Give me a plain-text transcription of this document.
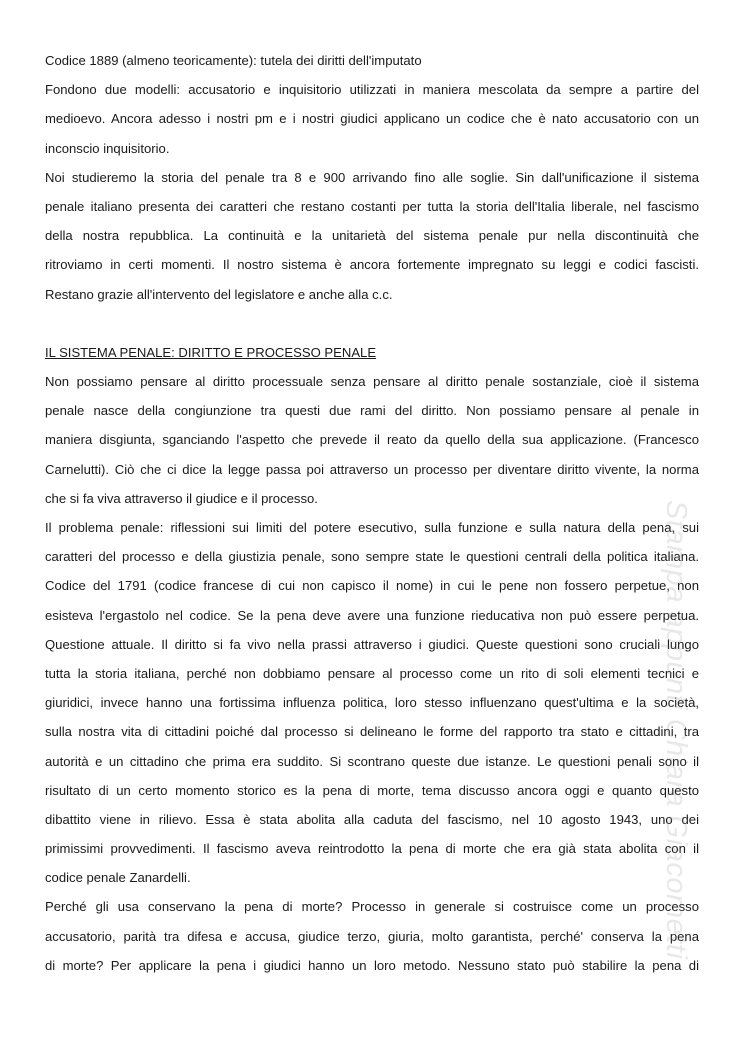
Codice 1889 (almeno teoricamente): tutela dei diritti dell'imputato
Fondono due modelli: accusatorio e inquisitorio utilizzati in maniera mescolata da sempre a partire del
medioevo. Ancora adesso i nostri pm e i nostri giudici applicano un codice che è nato accusatorio con un
inconscio inquisitorio.
Noi studieremo la storia del penale tra 8 e 900 arrivando fino alle soglie. Sin dall'unificazione il sistema
penale italiano presenta dei caratteri che restano costanti per tutta la storia dell'Italia liberale, nel fascismo
della nostra repubblica. La continuità e la unitarietà del sistema penale pur nella discontinuità che
ritroviamo in certi momenti. Il nostro sistema è ancora fortemente impregnato su leggi e codici fascisti.
Restano grazie all'intervento del legislatore e anche alla c.c.
IL SISTEMA PENALE: DIRITTO E PROCESSO PENALE
Non possiamo pensare al diritto processuale senza pensare al diritto penale sostanziale, cioè il sistema
penale nasce della congiunzione tra questi due rami del diritto. Non possiamo pensare al penale in
maniera disgiunta, sganciando l'aspetto che prevede il reato da quello della sua applicazione. (Francesco
Carnelutti). Ciò che ci dice la legge passa poi attraverso un processo per diventare diritto vivente, la norma
che si fa viva attraverso il giudice e il processo.
Il problema penale: riflessioni sui limiti del potere esecutivo, sulla funzione e sulla natura della pena, sui
caratteri del processo e della giustizia penale, sono sempre state le questioni centrali della politica italiana.
Codice del 1791 (codice francese di cui non capisco il nome) in cui le pene non fossero perpetue, non
esisteva l'ergastolo nel codice. Se la pena deve avere una funzione rieducativa non può essere perpetua.
Questione attuale. Il diritto si fa vivo nella prassi attraverso i giudici. Queste questioni sono cruciali lungo
tutta la storia italiana, perché non dobbiamo pensare al processo come un rito di soli elementi tecnici e
giuridici, invece hanno una fortissima influenza politica, loro stesso influenzano quest'ultima e la società,
sulla nostra vita di cittadini poiché dal processo si delineano le forme del rapporto tra stato e cittadini, tra
autorità e un cittadino che prima era suddito. Si scontrano queste due istanze. Le questioni penali sono il
risultato di un certo momento storico es la pena di morte, tema discusso ancora oggi e quanto questo
dibattito viene in rilievo. Essa è stata abolita alla caduta del fascismo, nel 10 agosto 1943, uno dei
primissimi provvedimenti. Il fascismo aveva reintrodotto la pena di morte che era già stata abolita con il
codice penale Zanardelli.
Perché gli usa conservano la pena di morte? Processo in generale si costruisce come un processo
accusatorio, parità tra difesa e accusa, giudice terzo, giuria, molto garantista, perché' conserva la pena
di morte? Per applicare la pena i giudici hanno un loro metodo. Nessuno stato può stabilire la pena di
Stampa appunti Chiara Giacometti
